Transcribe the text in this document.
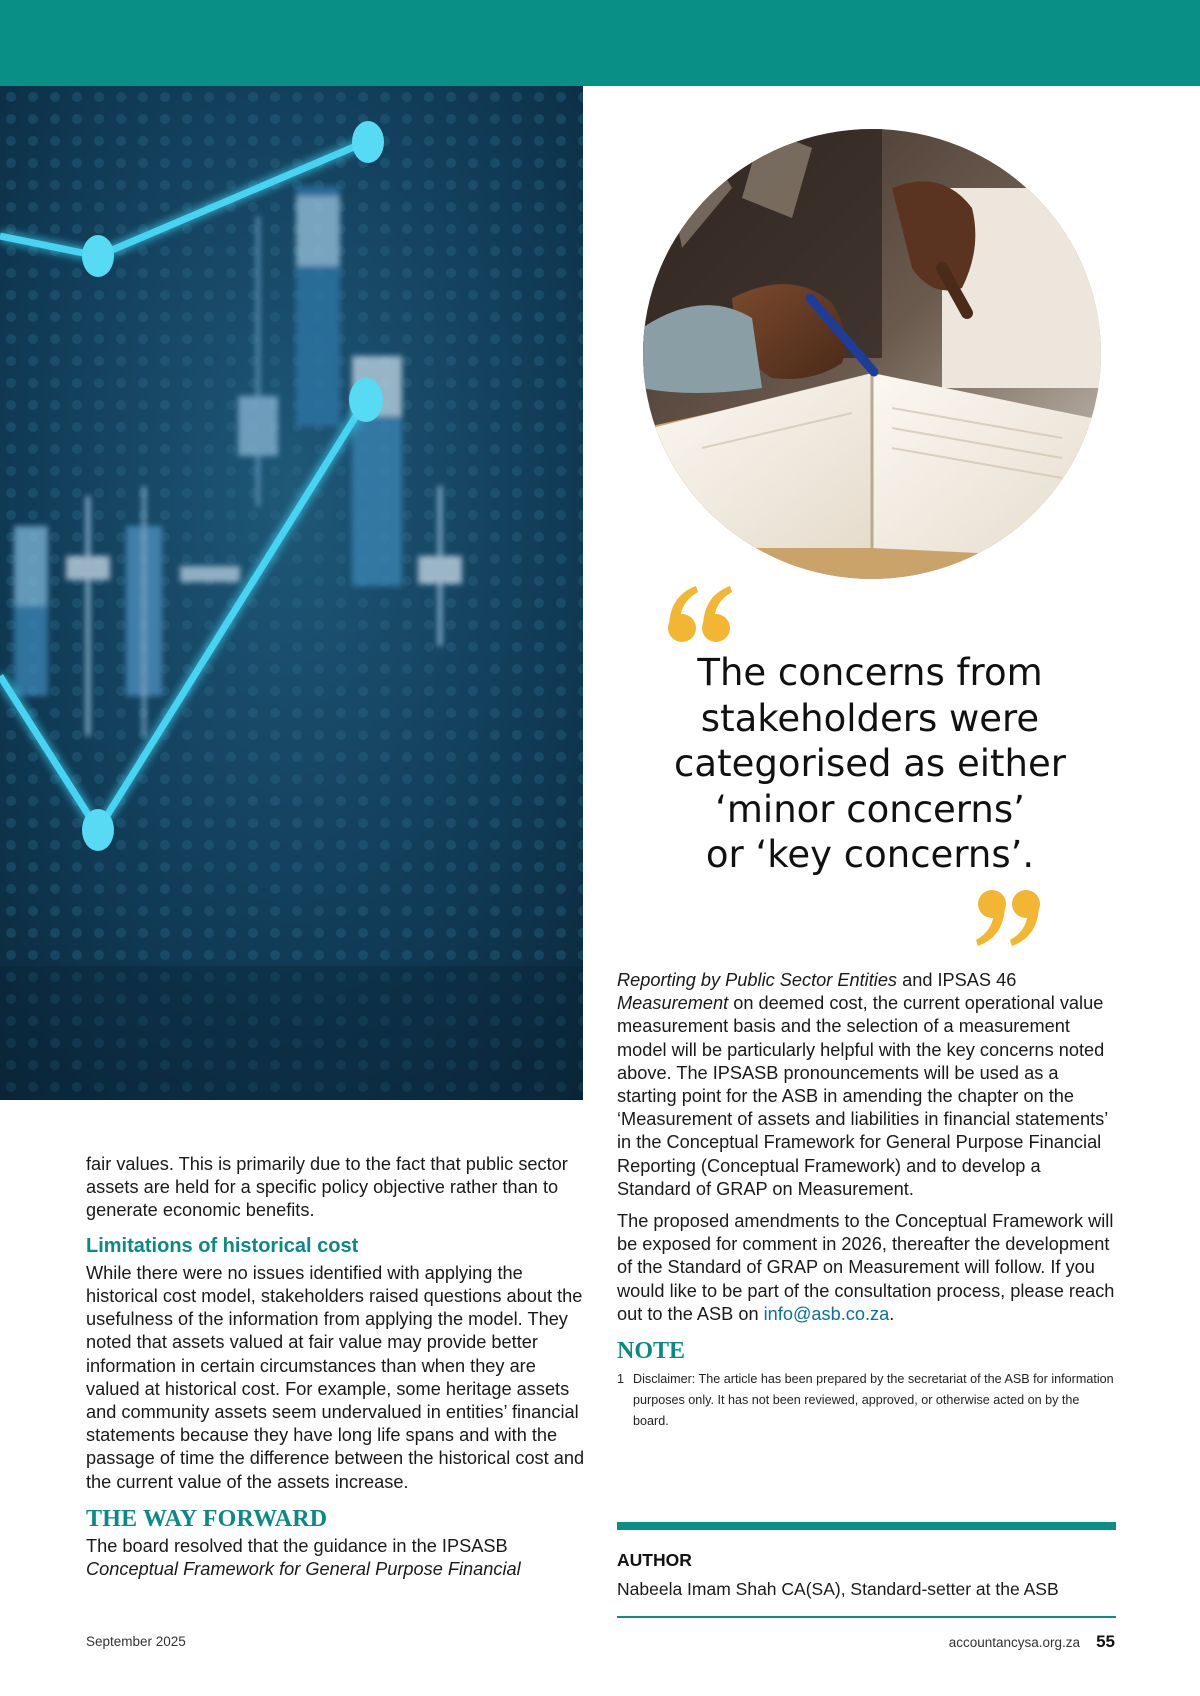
The concerns from
stakeholders were
categorised as either
‘minor concerns’
or ‘key concerns’.

fair values. This is primarily due to the fact that public sector assets are held for a specific policy objective rather than to generate economic benefits.

Limitations of historical cost

While there were no issues identified with applying the historical cost model, stakeholders raised questions about the usefulness of the information from applying the model. They noted that assets valued at fair value may provide better information in certain circumstances than when they are valued at historical cost. For example, some heritage assets and community assets seem undervalued in entities’ financial statements because they have long life spans and with the passage of time the difference between the historical cost and the current value of the assets increase.

THE WAY FORWARD

The board resolved that the guidance in the IPSASB
Conceptual Framework for General Purpose Financial

Reporting by Public Sector Entities and IPSAS 46 Measurement on deemed cost, the current operational value measurement basis and the selection of a measurement model will be particularly helpful with the key concerns noted above. The IPSASB pronouncements will be used as a starting point for the ASB in amending the chapter on the ‘Measurement of assets and liabilities in financial statements’ in the Conceptual Framework for General Purpose Financial Reporting (Conceptual Framework) and to develop a Standard of GRAP on Measurement.

The proposed amendments to the Conceptual Framework will be exposed for comment in 2026, thereafter the development of the Standard of GRAP on Measurement will follow. If you would like to be part of the consultation process, please reach out to the ASB on info@asb.co.za.

NOTE
1 Disclaimer: The article has been prepared by the secretariat of the ASB for information purposes only. It has not been reviewed, approved, or otherwise acted on by the board.
AUTHOR
Nabeela Imam Shah CA(SA), Standard-setter at the ASB
September 2025	accountancysa.org.za 55
